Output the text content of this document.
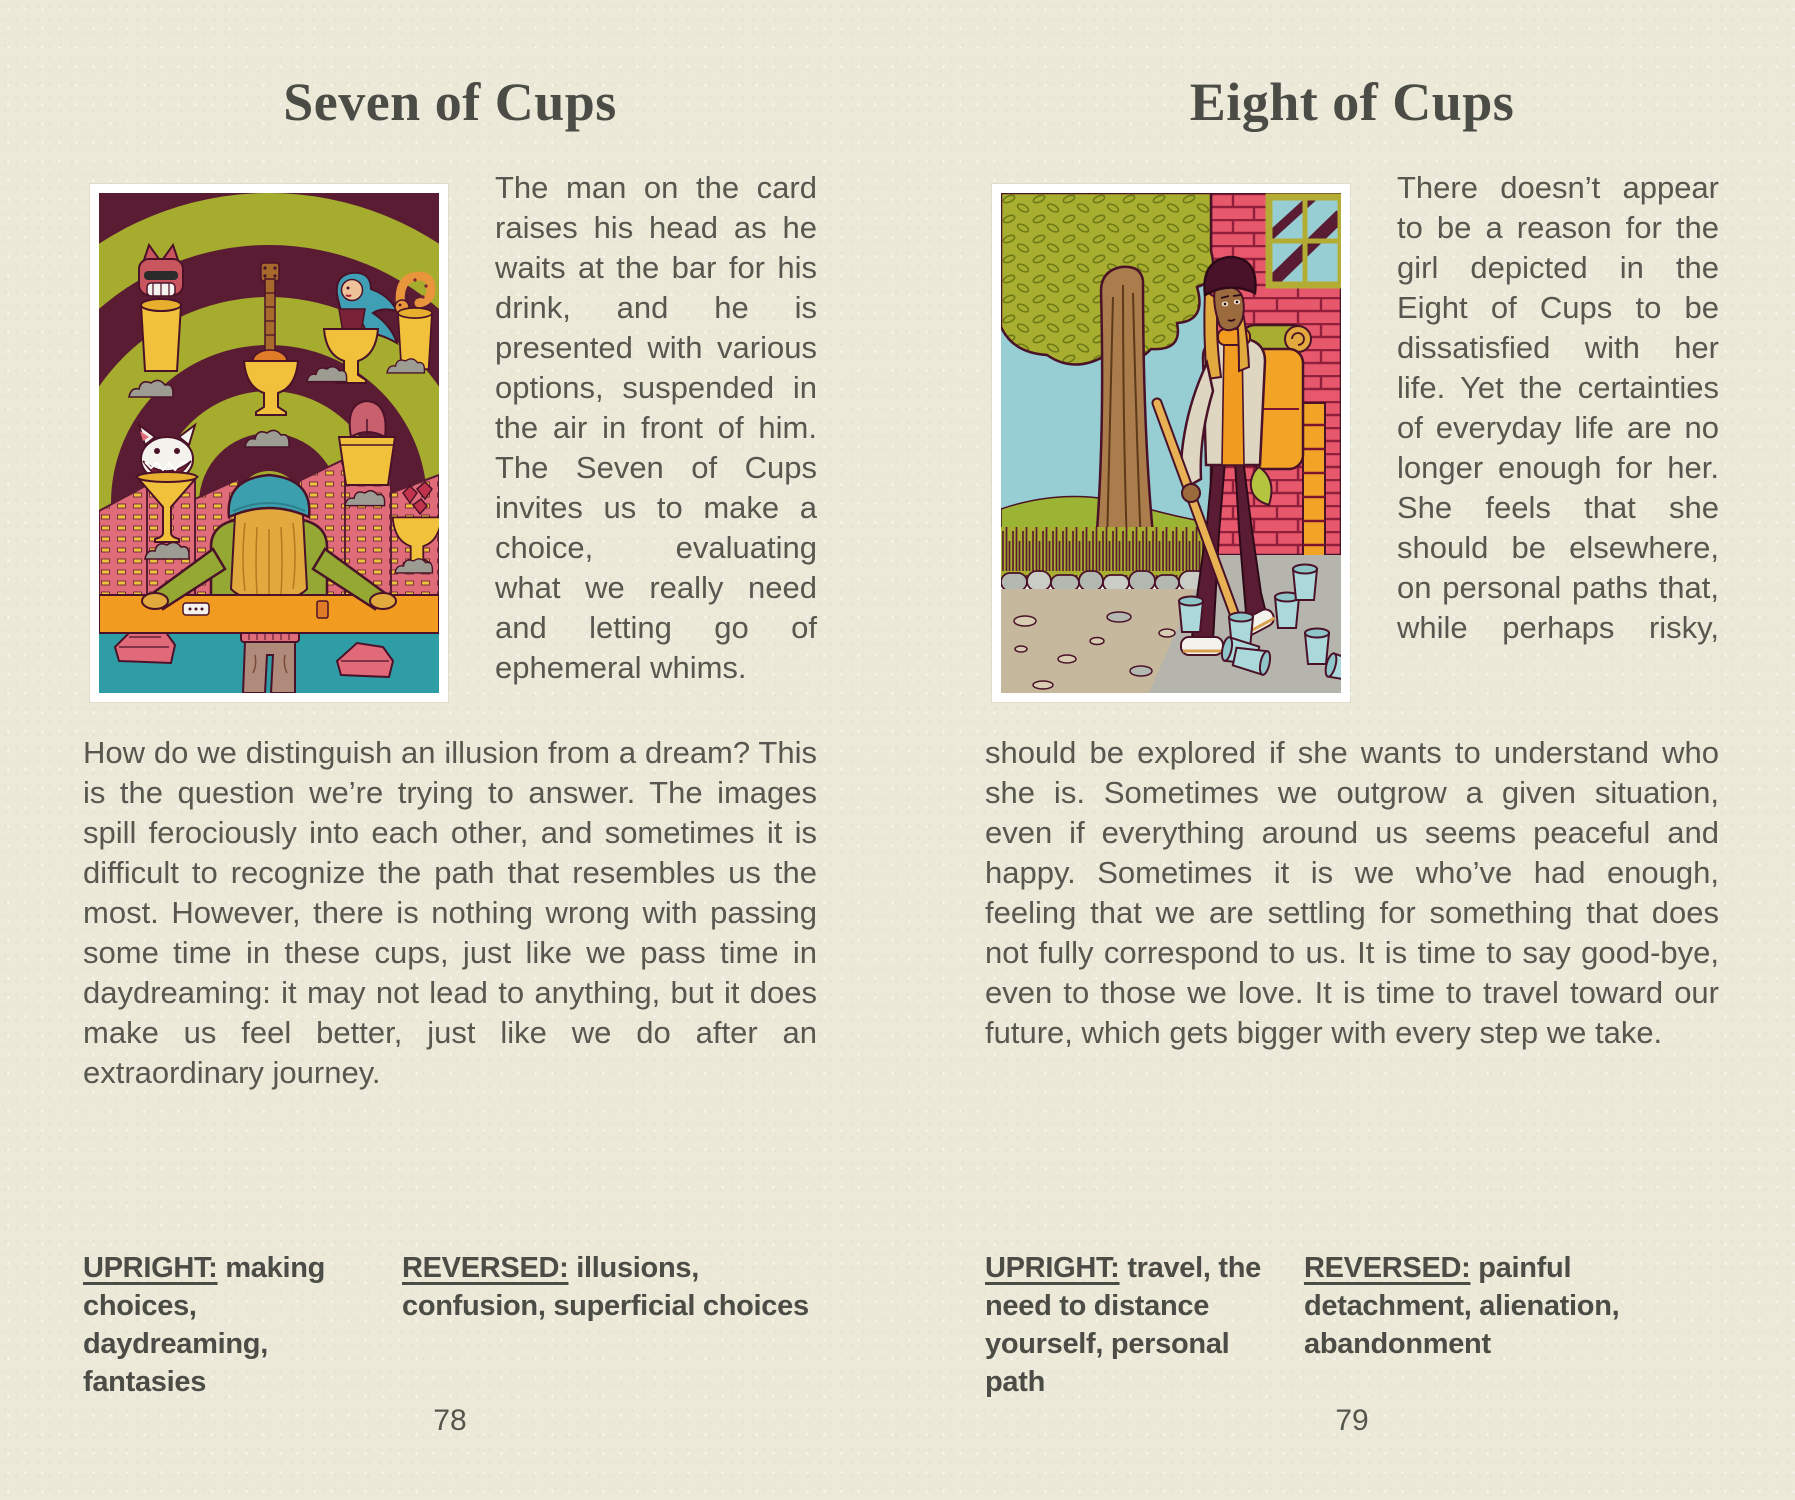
Seven of Cups

The man on the card raises his head as he waits at the bar for his drink, and he is presented with various options, suspended in the air in front of him. The Seven of Cups invites us to make a choice, evaluating what we really need and letting go of ephemeral whims.

How do we distinguish an illusion from a dream? This is the question we’re trying to answer. The images spill ferociously into each other, and sometimes it is difficult to recognize the path that resembles us the most. However, there is nothing wrong with passing some time in these cups, just like we pass time in daydreaming: it may not lead to anything, but it does make us feel better, just like we do after an extraordinary journey.

UPRIGHT: making choices, daydreaming, fantasies

REVERSED: illusions, confusion, superficial choices

78
Eight of Cups

There doesn’t appear to be a reason for the girl depicted in the Eight of Cups to be dissatisfied with her life. Yet the certainties of everyday life are no longer enough for her. She feels that she should be elsewhere, on personal paths that, while perhaps risky,

should be explored if she wants to understand who she is. Sometimes we outgrow a given situation, even if everything around us seems peaceful and happy. Sometimes it is we who’ve had enough, feeling that we are settling for something that does not fully correspond to us. It is time to say good-bye, even to those we love. It is time to travel toward our future, which gets bigger with every step we take.

UPRIGHT: travel, the need to distance yourself, personal path

REVERSED: painful detachment, alienation, abandonment

79
